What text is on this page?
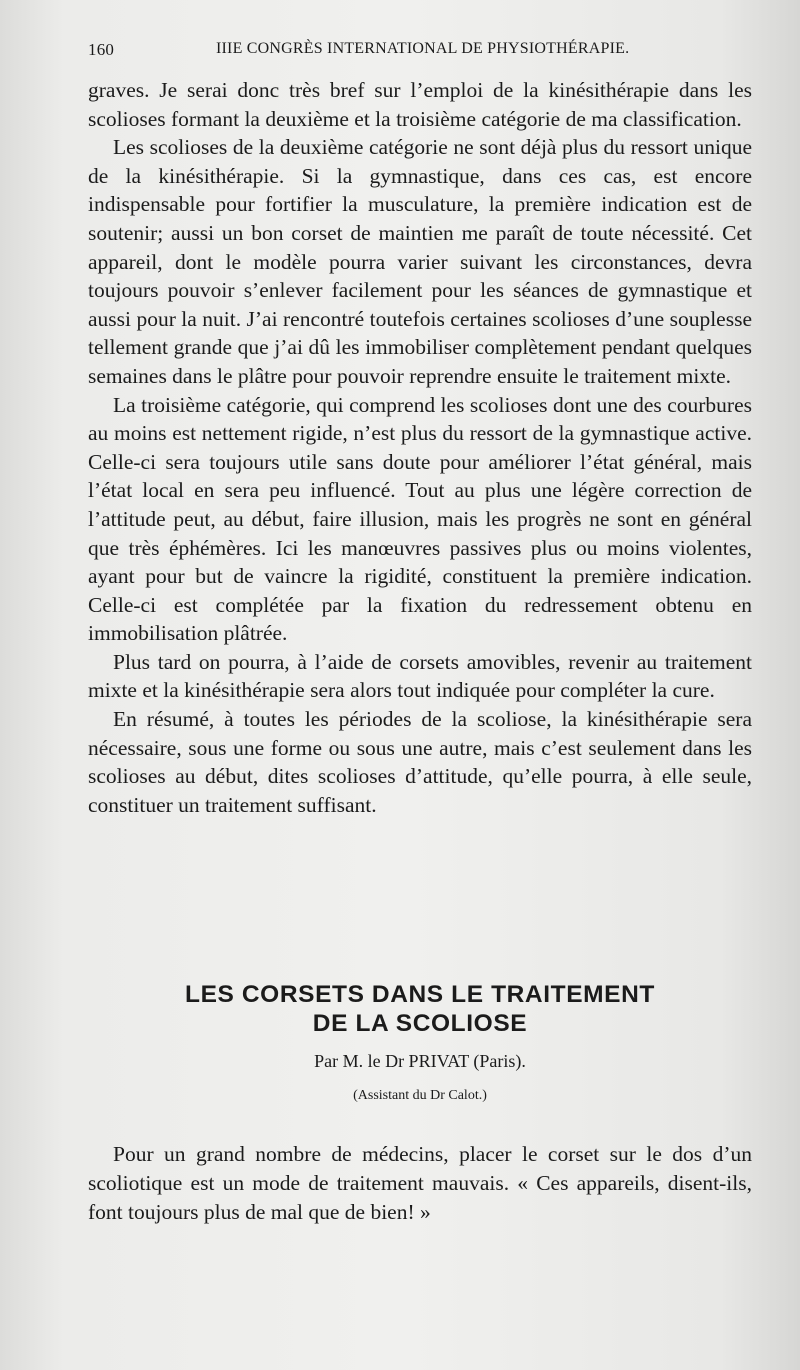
160	IIIE CONGRÈS INTERNATIONAL DE PHYSIOTHÉRAPIE.

graves. Je serai donc très bref sur l’emploi de la kinésithérapie dans les scolioses formant la deuxième et la troisième catégorie de ma classification.

Les scolioses de la deuxième catégorie ne sont déjà plus du ressort unique de la kinésithérapie. Si la gymnastique, dans ces cas, est encore indispensable pour fortifier la musculature, la première indication est de soutenir; aussi un bon corset de maintien me paraît de toute nécessité. Cet appareil, dont le modèle pourra varier suivant les circonstances, devra toujours pouvoir s’enlever facilement pour les séances de gymnastique et aussi pour la nuit. J’ai rencontré toutefois certaines scolioses d’une souplesse tellement grande que j’ai dû les immobiliser complètement pendant quelques semaines dans le plâtre pour pouvoir reprendre ensuite le traitement mixte.

La troisième catégorie, qui comprend les scolioses dont une des courbures au moins est nettement rigide, n’est plus du ressort de la gymnastique active. Celle-ci sera toujours utile sans doute pour améliorer l’état général, mais l’état local en sera peu influencé. Tout au plus une légère correction de l’attitude peut, au début, faire illusion, mais les progrès ne sont en général que très éphémères. Ici les manœuvres passives plus ou moins violentes, ayant pour but de vaincre la rigidité, constituent la première indication. Celle-ci est complétée par la fixation du redressement obtenu en immobilisation plâtrée.

Plus tard on pourra, à l’aide de corsets amovibles, revenir au traitement mixte et la kinésithérapie sera alors tout indiquée pour compléter la cure.

En résumé, à toutes les périodes de la scoliose, la kinésithérapie sera nécessaire, sous une forme ou sous une autre, mais c’est seulement dans les scolioses au début, dites scolioses d’attitude, qu’elle pourra, à elle seule, constituer un traitement suffisant.

LES CORSETS DANS LE TRAITEMENT
DE LA SCOLIOSE
Par M. le Dr PRIVAT (Paris).
(Assistant du Dr Calot.)

Pour un grand nombre de médecins, placer le corset sur le dos d’un scoliotique est un mode de traitement mauvais. « Ces appareils, disent-ils, font toujours plus de mal que de bien! »
